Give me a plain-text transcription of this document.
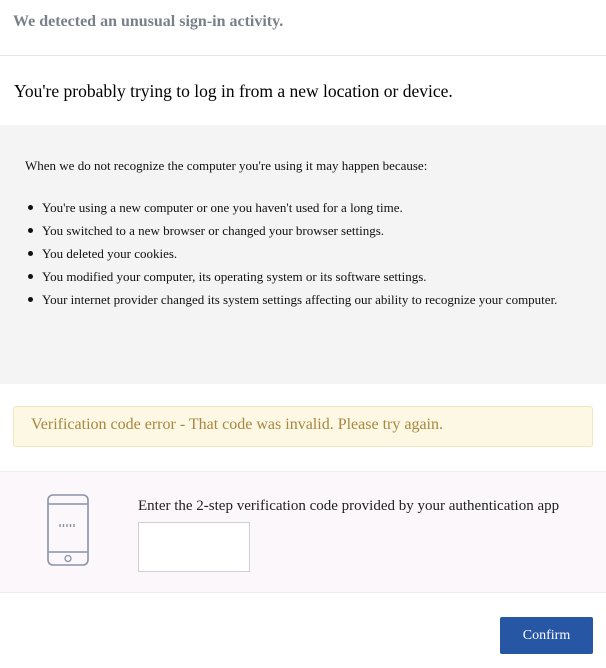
We detected an unusual sign-in activity.
You're probably trying to log in from a new location or device.
When we do not recognize the computer you're using it may happen because:
You're using a new computer or one you haven't used for a long time.
You switched to a new browser or changed your browser settings.
You deleted your cookies.
You modified your computer, its operating system or its software settings.
Your internet provider changed its system settings affecting our ability to recognize your computer.
Verification code error - That code was invalid. Please try again.
Enter the 2-step verification code provided by your authentication app
Confirm
